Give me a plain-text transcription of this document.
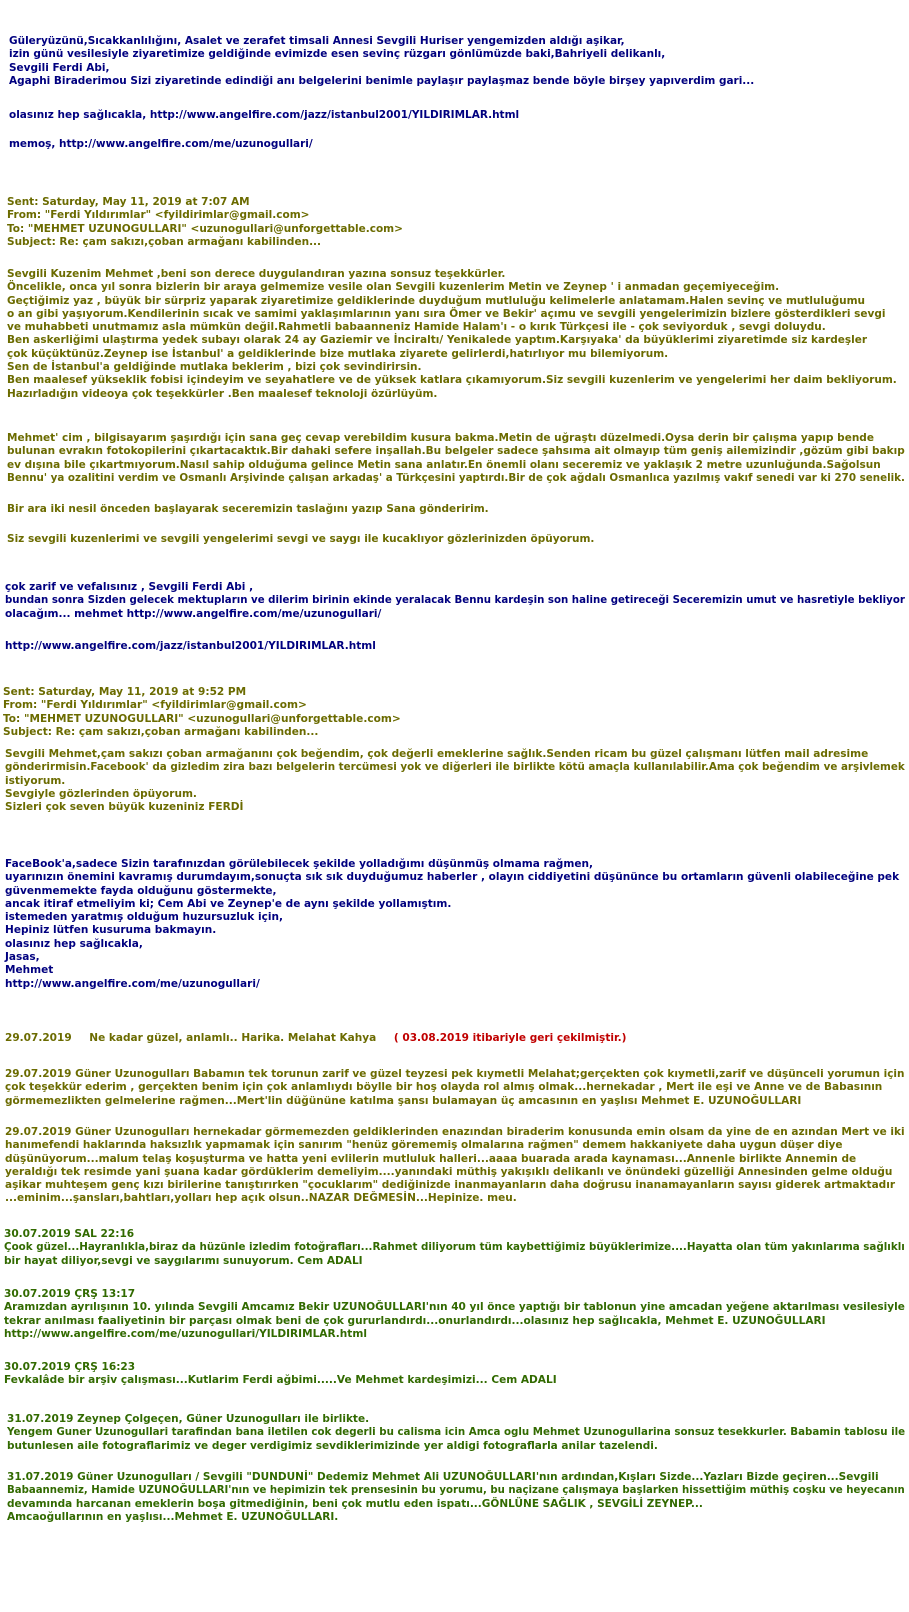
Güleryüzünü,Sıcakkanlılığını, Asalet ve zerafet timsali Annesi Sevgili Huriser yengemizden aldığı aşikar,
izin günü vesilesiyle ziyaretimize geldiğinde evimizde esen sevinç rüzgarı gönlümüzde baki,Bahriyeli delikanlı,
Sevgili Ferdi Abi,
Agaphi Biraderimou Sizi ziyaretinde edindiği anı belgelerini benimle paylaşır paylaşmaz bende böyle birşey yapıverdim gari...
olasınız hep sağlıcakla, http://www.angelfire.com/jazz/istanbul2001/YILDIRIMLAR.html
memoş, http://www.angelfire.com/me/uzunogullari/
Sent: Saturday, May 11, 2019 at 7:07 AM
From: "Ferdi Yıldırımlar" <fyildirimlar@gmail.com>
To: "MEHMET UZUNOGULLARI" <uzunogullari@unforgettable.com>
Subject: Re: çam sakızı,çoban armağanı kabilinden...
Sevgili Kuzenim Mehmet ,beni son derece duygulandıran yazına sonsuz teşekkürler.
Öncelikle, onca yıl sonra bizlerin bir araya gelmemize vesile olan Sevgili kuzenlerim Metin ve Zeynep ' i anmadan geçemiyeceğim.
Geçtiğimiz yaz , büyük bir sürpriz yaparak ziyaretimize geldiklerinde duyduğum mutluluğu kelimelerle anlatamam.Halen sevinç ve mutluluğumu
o an gibi yaşıyorum.Kendilerinin sıcak ve samimi yaklaşımlarının yanı sıra Ömer ve Bekir' açımu ve sevgili yengelerimizin bizlere gösterdikleri sevgi
ve muhabbeti unutmamız asla mümkün değil.Rahmetli babaanneniz Hamide Halam'ı - o kırık Türkçesi ile - çok seviyorduk , sevgi doluydu.
Ben askerliğimi ulaştırma yedek subayı olarak 24 ay Gaziemir ve İnciraltı/ Yenikalede yaptım.Karşıyaka' da büyüklerimi ziyaretimde siz kardeşler
çok küçüktünüz.Zeynep ise İstanbul' a geldiklerinde bize mutlaka ziyarete gelirlerdi,hatırlıyor mu bilemiyorum.
Sen de İstanbul'a geldiğinde mutlaka beklerim , bizi çok sevindirirsin.
Ben maalesef yükseklik fobisi içindeyim ve seyahatlere ve de yüksek katlara çıkamıyorum.Siz sevgili kuzenlerim ve yengelerimi her daim bekliyorum.
Hazırladığın videoya çok teşekkürler .Ben maalesef teknoloji özürlüyüm.
Mehmet' cim , bilgisayarım şaşırdığı için sana geç cevap verebildim kusura bakma.Metin de uğraştı düzelmedi.Oysa derin bir çalışma yapıp bende
bulunan evrakın fotokopilerini çıkartacaktık.Bir dahaki sefere inşallah.Bu belgeler sadece şahsıma ait olmayıp tüm geniş ailemizindir ,gözüm gibi bakıp
ev dışına bile çıkartmıyorum.Nasıl sahip olduğuma gelince Metin sana anlatır.En önemli olanı seceremiz ve yaklaşık 2 metre uzunluğunda.Sağolsun
Bennu' ya ozalitini verdim ve Osmanlı Arşivinde çalışan arkadaş' a Türkçesini yaptırdı.Bir de çok ağdalı Osmanlıca yazılmış vakıf senedi var ki 270 senelik.
Bir ara iki nesil önceden başlayarak seceremizin taslağını yazıp Sana gönderirim.
Siz sevgili kuzenlerimi ve sevgili yengelerimi sevgi ve saygı ile kucaklıyor gözlerinizden öpüyorum.
çok zarif ve vefalısınız , Sevgili Ferdi Abi ,
bundan sonra Sizden gelecek mektupların ve dilerim birinin ekinde yeralacak Bennu kardeşin son haline getireceği Seceremizin umut ve hasretiyle bekliyor
olacağım... mehmet http://www.angelfire.com/me/uzunogullari/
http://www.angelfire.com/jazz/istanbul2001/YILDIRIMLAR.html
Sent: Saturday, May 11, 2019 at 9:52 PM
From: "Ferdi Yıldırımlar" <fyildirimlar@gmail.com>
To: "MEHMET UZUNOGULLARI" <uzunogullari@unforgettable.com>
Subject: Re: çam sakızı,çoban armağanı kabilinden...
Sevgili Mehmet,çam sakızı çoban armağanını çok beğendim, çok değerli emeklerine sağlık.Senden ricam bu güzel çalışmanı lütfen mail adresime
gönderirmisin.Facebook' da gizledim zira bazı belgelerin tercümesi yok ve diğerleri ile birlikte kötü amaçla kullanılabilir.Ama çok beğendim ve arşivlemek
istiyorum.
Sevgiyle gözlerinden öpüyorum.
Sizleri çok seven büyük kuzeniniz FERDİ
FaceBook'a,sadece Sizin tarafınızdan görülebilecek şekilde yolladığımı düşünmüş olmama rağmen,
uyarınızın önemini kavramış durumdayım,sonuçta sık sık duyduğumuz haberler , olayın ciddiyetini düşününce bu ortamların güvenli olabileceğine pek
güvenmemekte fayda olduğunu göstermekte,
ancak itiraf etmeliyim ki; Cem Abi ve Zeynep'e de aynı şekilde yollamıştım.
istemeden yaratmış olduğum huzursuzluk için,
Hepiniz lütfen kusuruma bakmayın.
olasınız hep sağlıcakla,
Jasas,
Mehmet
http://www.angelfire.com/me/uzunogullari/
29.07.2019 Ne kadar güzel, anlamlı.. Harika. Melahat Kahya ( 03.08.2019 itibariyle geri çekilmiştir.)
29.07.2019 Güner Uzunogulları Babamın tek torunun zarif ve güzel teyzesi pek kıymetli Melahat;gerçekten çok kıymetli,zarif ve düşünceli yorumun için
çok teşekkür ederim , gerçekten benim için çok anlamlıydı böylle bir hoş olayda rol almış olmak...hernekadar , Mert ile eşi ve Anne ve de Babasının
görmemezlikten gelmelerine rağmen...Mert'lin düğününe katılma şansı bulamayan üç amcasının en yaşlısı Mehmet E. UZUNOĞULLARI
29.07.2019 Güner Uzunogulları hernekadar görmemezden geldiklerinden enazından biraderim konusunda emin olsam da yine de en azından Mert ve iki
hanımefendi haklarında haksızlık yapmamak için sanırım "henüz görememiş olmalarına rağmen" demem hakkaniyete daha uygun düşer diye
düşünüyorum...malum telaş koşuşturma ve hatta yeni evlilerin mutluluk halleri...aaaa buarada arada kaynaması...Annenle birlikte Annemin de
yeraldığı tek resimde yani şuana kadar gördüklerim demeliyim....yanındaki müthiş yakışıklı delikanlı ve önündeki güzelliği Annesinden gelme olduğu
aşikar muhteşem genç kızı birilerine tanıştırırken "çocuklarım" dediğinizde inanmayanların daha doğrusu inanamayanların sayısı giderek artmaktadır
...eminim...şansları,bahtları,yolları hep açık olsun..NAZAR DEĞMESİN...Hepinize. meu.
30.07.2019 SAL 22:16
Çook güzel...Hayranlıkla,biraz da hüzünle izledim fotoğrafları...Rahmet diliyorum tüm kaybettiğimiz büyüklerimize....Hayatta olan tüm yakınlarıma sağlıklı
bir hayat diliyor,sevgi ve saygılarımı sunuyorum. Cem ADALI
30.07.2019 ÇRŞ 13:17
Aramızdan ayrılışının 10. yılında Sevgili Amcamız Bekir UZUNOĞULLARI'nın 40 yıl önce yaptığı bir tablonun yine amcadan yeğene aktarılması vesilesiyle
tekrar anılması faaliyetinin bir parçası olmak beni de çok gururlandırdı...onurlandırdı...olasınız hep sağlıcakla, Mehmet E. UZUNOĞULLARI
http://www.angelfire.com/me/uzunogullari/YILDIRIMLAR.html
30.07.2019 ÇRŞ 16:23
Fevkalâde bir arşiv çalışması...Kutlarim Ferdi ağbimi.....Ve Mehmet kardeşimizi... Cem ADALI
31.07.2019 Zeynep Çolgeçen, Güner Uzunogulları ile birlikte.
Yengem Guner Uzunogullari tarafindan bana iletilen cok degerli bu calisma icin Amca oglu Mehmet Uzunogullarina sonsuz tesekkurler. Babamin tablosu ile
butunlesen aile fotograflarimiz ve deger verdigimiz sevdiklerimizinde yer aldigi fotograflarla anilar tazelendi.
31.07.2019 Güner Uzunogulları / Sevgili "DUNDUNİ" Dedemiz Mehmet Ali UZUNOĞULLARI'nın ardından,Kışları Sizde...Yazları Bizde geçiren...Sevgili
Babaannemiz, Hamide UZUNOĞULLARI'nın ve hepimizin tek prensesinin bu yorumu, bu naçizane çalışmaya başlarken hissettiğim müthiş coşku ve heyecanın
devamında harcanan emeklerin boşa gitmediğinin, beni çok mutlu eden ispatı...GÖNLÜNE SAĞLIK , SEVGİLİ ZEYNEP...
Amcaoğullarının en yaşlısı...Mehmet E. UZUNOĞULLARI.
